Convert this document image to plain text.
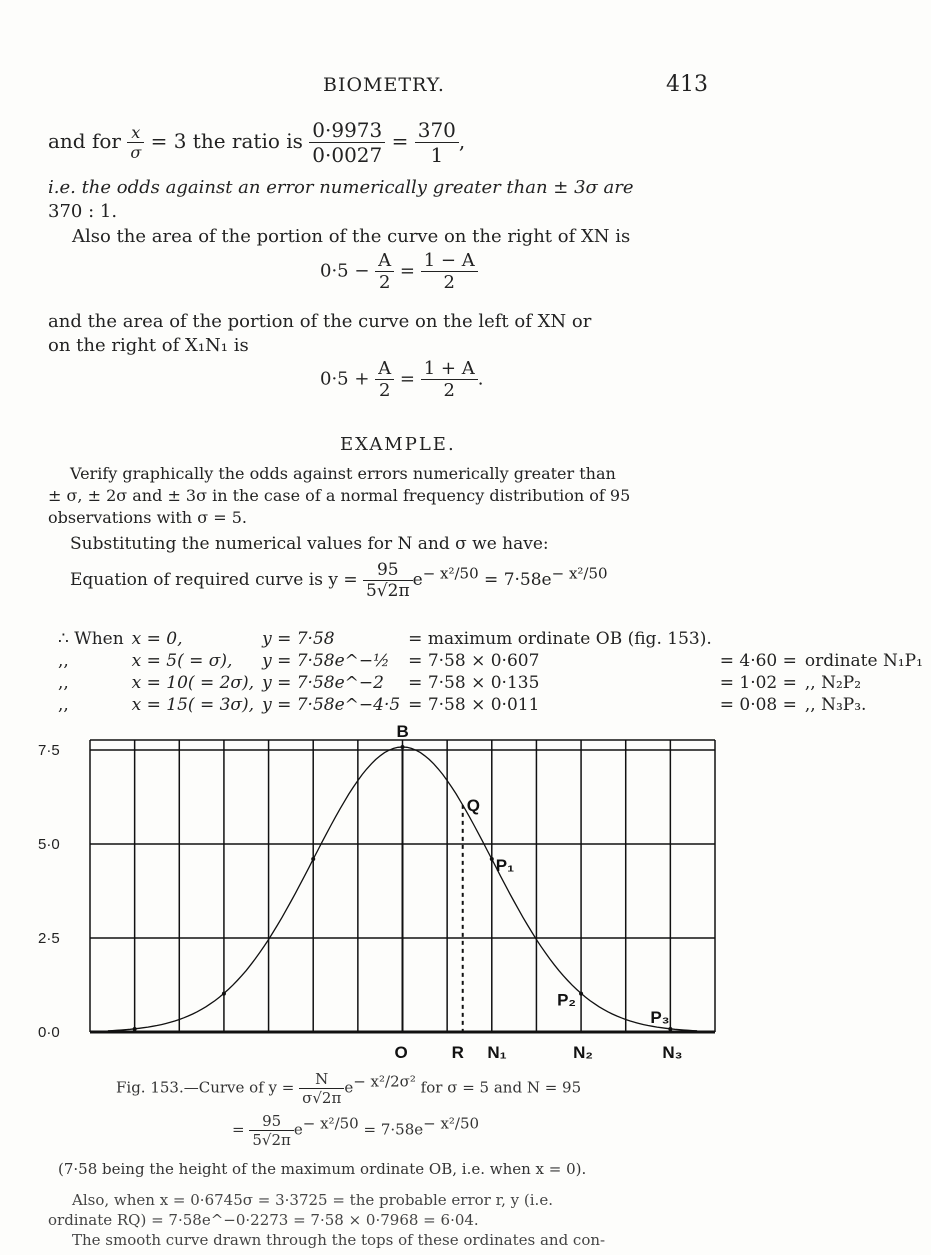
BIOMETRY.	413
and for $\frac{x}{\sigma} = 3$ the ratio is $\frac{0\cdot 9973}{0\cdot 0027} = \frac{370}{1}$ ,
i.e. the odds against an error numerically greater than ± 3σ are
370 : 1.
Also the area of the portion of the curve on the right of XN is
$0\cdot 5 - \frac{A}{2} = \frac{1 - A}{2}$
and the area of the portion of the curve on the left of XN or
on the right of X₁N₁ is
$0\cdot 5 + \frac{A}{2} = \frac{1 + A}{2}$ .
EXAMPLE.
Verify graphically the odds against errors numerically greater than
± σ, ± 2σ and ± 3σ in the case of a normal frequency distribution of 95
observations with σ = 5.
Substituting the numerical values for N and σ we have:
Equation of required curve is $y = \frac{95}{5√2\pi} e^{- x^2/50} = 7\cdot 58e^{- x^2/50}$
∴ When	x = 0,	y = 7·58	= maximum ordinate OB (fig. 153).		
,,	x = 5( = σ),	y = 7·58e^−½	= 7·58 × 0·607	= 4·60 =	ordinate N₁P₁
,,	x = 10( = 2σ),	y = 7·58e^−2	= 7·58 × 0·135	= 1·02 =	,, N₂P₂
,,	x = 15( = 3σ),	y = 7·58e^−4·5	= 7·58 × 0·011	= 0·08 =	,, N₃P₃.
7·5
5·0
2·5
0·0
B
Q
P₁
P₂
P₃
O	R N₁	N₂	N₃
Fig. 153.—Curve of $y = \frac{N}{\sigma√2\pi} e^{- x^2/2\sigma^2}$ for σ = 5 and N = 95
= $\frac{95}{5√2\pi} e^{- x^2/50} = 7\cdot 58e^{- x^2/50}$
(7·58 being the height of the maximum ordinate OB, i.e. when x = 0).
Also, when x = 0·6745σ = 3·3725 = the probable error r, y (i.e.
ordinate RQ) = 7·58e^−0·2273 = 7·58 × 0·7968 = 6·04.
The smooth curve drawn through the tops of these ordinates and con-
